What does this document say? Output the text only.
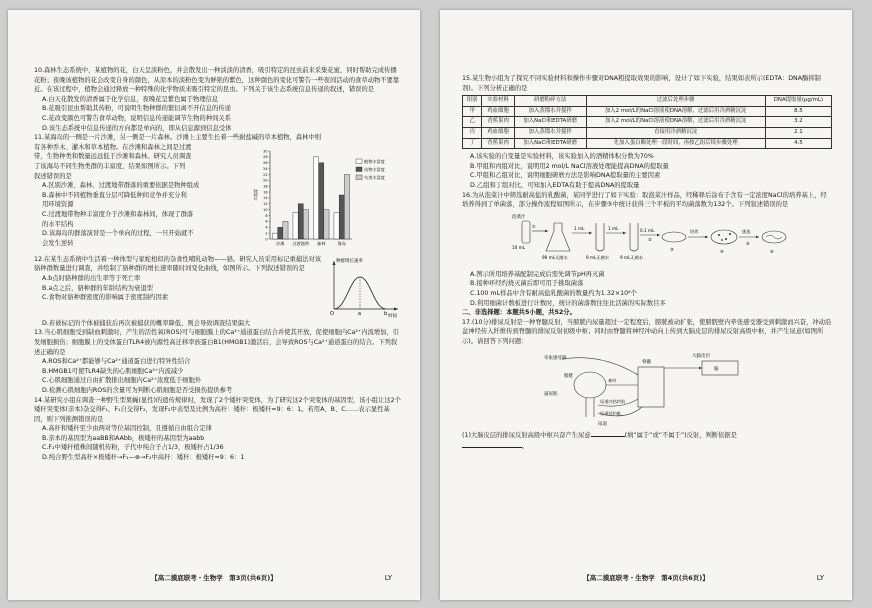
10.森林生态系统中，某植物的花，白天呈淡粉色，并会散发出一种淡淡的清香，吸引特定的昆虫前来采集花蜜，同时帮助完成传播花粉；夜晚该植物的花会改变自身的颜色，从原本的淡粉色变为鲜艳的紫色，这种颜色的变化可警告一些夜间活动的食草动物不要靠近。在该过程中，植物会通过释放一种特殊的化学物质来吸引特定的昆虫。下列关于该生态系统信息传递的叙述，错误的是

A.白天花散发的清香属于化学信息，夜晚花呈紫色属于物理信息

B.花吸引昆虫帮助其传粉，可说明生物种群的繁衍离不开信息的传递

C.花改变颜色可警告食草动物，说明信息传递能调节生物的种间关系

D.该生态系统中信息传递的方向都是单向的，即从信息源到信息受体

11.某海岛的一侧是一片沙滩，另一侧是一片森林。沙滩上主要生长着一些耐盐碱的草本植物，森林中则

有各种乔木、灌木和草本植物。在沙滩和森林之间是过渡

带，生物种类和数量远远低于沙滩和森林。研究人员调查

了该海岛不同生物类群的丰富度，结果如图所示。下列

叙述错误的是

A.区别沙滩、森林、过渡地带群落的重要依据是物种组成

B.森林中不同植物垂直分层可降低种间竞争并充分利

用环境资源

C.过渡地带物种丰富度介于沙滩和森林间，体现了群落

的水平结构

D.该海岛的群落演替是一个单向的过程，一旦开始就不

会发生逆转

0
2
4
6
8
10
12
14
16
18
20
22
24
26
28
30
丰富度
沙滩 过渡地带 森林	海岛
植物丰富度
动物丰富度
鸟类丰富度

12.在某生态系统中生活着一种体型与家蛇相似的杂食性哺乳动物——貉。研究人员采用标记重捕法对该貉种群数量进行调查，并绘制了貉种群的增长速率随时间变化曲线，如图所示。下列叙述错误的是

A.b点时貉种群的出生率等于死亡率

B.a点之后，貉种群的年龄结构为衰退型

C.食物对貉种群密度的影响属于密度制约因素

O	a	b 时间
种群增长速率

D.若被标记的个体被捕获后再次被捕获的概率降低，则会导致调查结果偏大

13.当心肌细胞受到缺血刺激时，产生的活性氧(ROS)可与细胞膜上的Ca²⁺通道蛋白结合并使其开放，促使细胞内Ca²⁺内流增加，引发细胞损伤；细胞膜上的受体蛋白TLR4被内源性高迁移率族蛋白B1(HMGB1)激活后，会导致ROS与Ca²⁺通道蛋白的结合。下列叙述正确的是

A.ROS和Ca²⁺都能够与Ca²⁺通道蛋白进行特异性结合

B.HMGB1可使TLR4缺失的心肌细胞Ca²⁺内流减少

C.心肌细胞通过自由扩散排出细胞内Ca²⁺浓度低于细胞外

D.检测心肌细胞内ROS的含量可为判断心肌细胞是否受损伤提供参考

14.某研究小组在调查一种野生型果蝇(显性)的遗传规律时，发现了2个矮秆突变体，为了研究这2个突变体的基因型，该小组让这2个矮秆突变体(亲本)杂交得F₁，F₁自交得F₂，发现F₂中表型及比例为高秆：矮秆：极矮秆=9：6：1。若用A、B、C……表示显性基因，则下列推测错误的是

A.高秆和矮秆至少由两对等位基因控制，且遵循自由组合定律

B.亲本的基因型为aaBB和AAbb，极矮秆的基因型为aabb

C.F₂中矮秆植株间随机传粉，子代中纯合子占1/3，极矮秆占1/36

D.纯合野生型高秆×极矮秆→F₁—⊗→F₂中高秆：矮秆：极矮秆=9：6：1

【高二摸底联考・生物学　第3页(共6页)】	LY

15.某生物小组为了探究不同实验材料和操作步骤对DNA粗提取效果的影响，设计了如下实验，结果如表所示(EDTA：DNA酶抑制剂)。下列分析正确的是

组别	实验材料	研磨粉碎方法	过滤后处理步骤	DNA提取量(μg/mL)
甲	鸡血细胞	加入蒸馏水并搅拌	加入2 mol/L的NaCl溶液使DNA溶解，过滤后用冷酒精沉淀	8.5
乙	香蕉果肉	加入NaCl和EDTA研磨	加入2 mol/L的NaCl溶液使DNA溶解，过滤后用冷酒精沉淀	3.2
丙	鸡血细胞	加入蒸馏水并搅拌	直接用冷酒精沉淀	2.1
丁	香蕉果肉	加入NaCl和EDTA研磨	先加入蛋白酶处理一段时间，再按乙组后续步骤处理	4.5

A.该实验的自变量是实验材料，该实验加入的酒精体积分数为70%

B.甲组和丙组对比，说明用2 mol/L NaCl溶液处理能提高DNA的提取量

C.甲组和乙组对比，说明细胞研磨方法是影响DNA提取量的主要因素

D.乙组和丁组对比，可知加入EDTA有助于提高DNA的提取量

16.为从泡菜汁中筛选耐高盐的乳酸菌，某同学进行了如下实验：取泡菜汁样品，经稀释后涂布于含有一定浓度NaCl的培养基上，经培养得到了单菌落，部分操作流程如图所示，在步骤⑤中统计获得三个平板的平均菌落数为132个。下列叙述错误的是

泡菜汁
10 mL
①
90 mL无菌水
1 mL
9 mL无菌水
1 mL
9 mL无菌水
0.1 mL
②
③
培养
④
挑选
⑤
⑥

A.图示所用培养基配制完成后需先调节pH再灭菌

B.接种环经灼烧灭菌后即可用于挑取菌落

C.100 mL样品中含有耐高盐乳酸菌的数量约为1.32×10⁸个

D.利用细菌计数板进行计数时，统计的菌落数往往比活菌的实际数目多

二、非选择题：本题共5小题，共52分。

17.(10分)排尿反射是一种脊髓反射，当膀胱内尿量超过一定程度后，膀胱被动扩张，使膀胱壁内牵张感受器受到刺激而兴奋，冲动沿盆神经传入纤维传到脊髓的排尿反射初级中枢；同时由脊髓将神经冲动向上传到大脑皮层的排尿反射高级中枢，并产生尿意(如图所示)。请回答下列问题：

牵张感受器
膀胱
尿道
逼尿肌
脊髓
脑
大脑皮层
神经
尿道内括约肌
尿道括约肌

(1)大脑皮层的排尿反射高级中枢兴奋产生尿意	(填“属于”或“不属于”)反射，判断依据是

。

【高二摸底联考・生物学　第4页(共6页)】	LY
